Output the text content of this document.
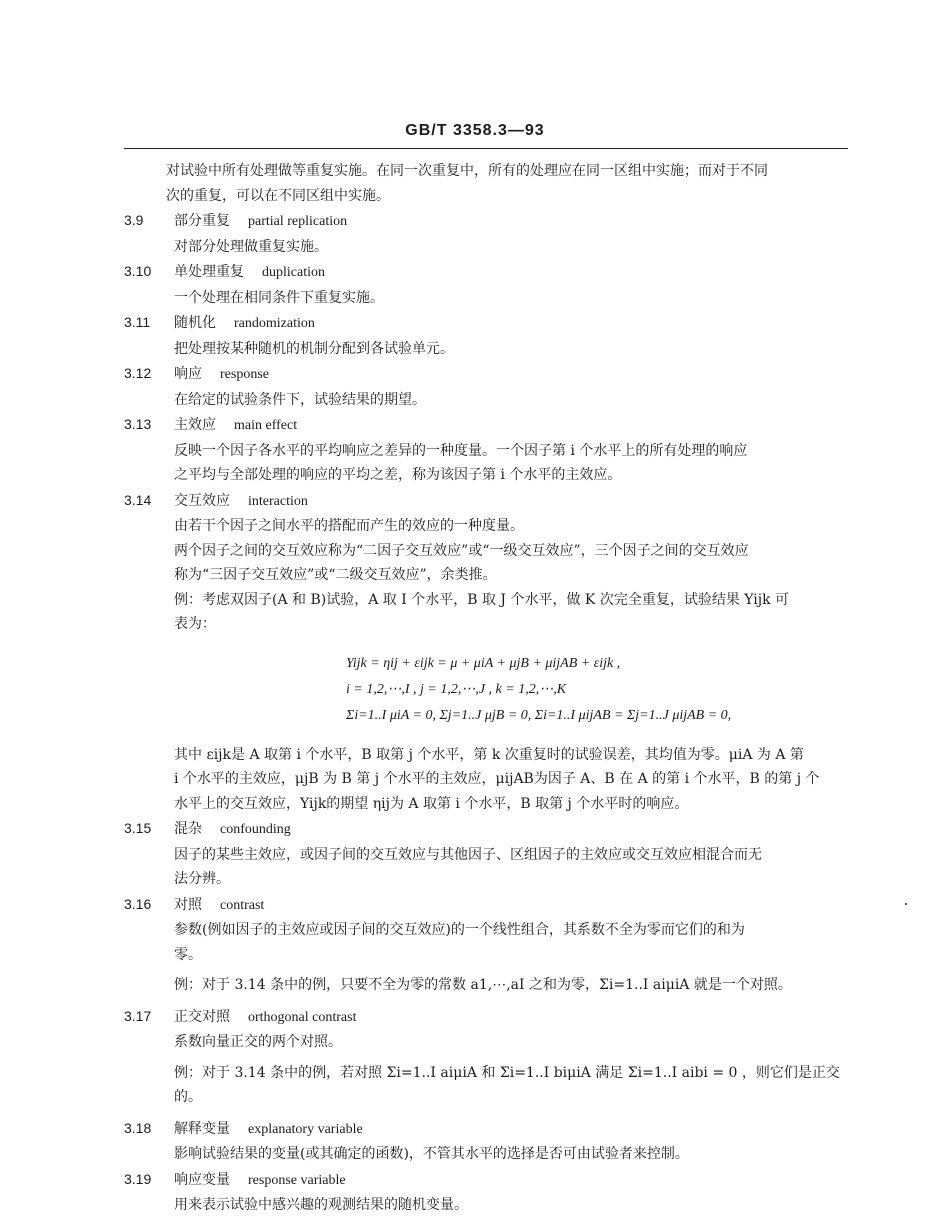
GB/T 3358.3—93
对试验中所有处理做等重复实施。在同一次重复中，所有的处理应在同一区组中实施；而对于不同
次的重复，可以在不同区组中实施。
3.9 部分重复 partial replication
对部分处理做重复实施。
3.10 单处理重复 duplication
一个处理在相同条件下重复实施。
3.11 随机化 randomization
把处理按某种随机的机制分配到各试验单元。
3.12 响应 response
在给定的试验条件下，试验结果的期望。
3.13 主效应 main effect
反映一个因子各水平的平均响应之差异的一种度量。一个因子第 i 个水平上的所有处理的响应
之平均与全部处理的响应的平均之差，称为该因子第 i 个水平的主效应。
3.14 交互效应 interaction
由若干个因子之间水平的搭配而产生的效应的一种度量。
两个因子之间的交互效应称为“二因子交互效应”或“一级交互效应”，三个因子之间的交互效应
称为“三因子交互效应”或“二级交互效应”，余类推。
例：考虑双因子(A 和 B)试验，A 取 I 个水平，B 取 J 个水平，做 K 次完全重复，试验结果 Yijk 可
表为：
Yijk = ηij + εijk = μ + μiA + μjB + μijAB + εijk ,
i = 1,2,⋯,I , j = 1,2,⋯,J , k = 1,2,⋯,K
Σi=1..I μiA = 0, Σj=1..J μjB = 0, Σi=1..I μijAB = Σj=1..J μijAB = 0,
其中 εijk是 A 取第 i 个水平，B 取第 j 个水平，第 k 次重复时的试验误差，其均值为零。μiA 为 A 第
i 个水平的主效应，μjB 为 B 第 j 个水平的主效应，μijAB为因子 A、B 在 A 的第 i 个水平，B 的第 j 个
水平上的交互效应，Yijk的期望 ηij为 A 取第 i 个水平，B 取第 j 个水平时的响应。
3.15 混杂 confounding
因子的某些主效应，或因子间的交互效应与其他因子、区组因子的主效应或交互效应相混合而无
法分辨。
3.16 对照 contrast
参数(例如因子的主效应或因子间的交互效应)的一个线性组合，其系数不全为零而它们的和为
零。
例：对于 3.14 条中的例，只要不全为零的常数 a1,⋯,aI 之和为零，Σi=1..I aiμiA 就是一个对照。
3.17 正交对照 orthogonal contrast
系数向量正交的两个对照。
例：对于 3.14 条中的例，若对照 Σi=1..I aiμiA 和 Σi=1..I biμiA 满足 Σi=1..I aibi = 0 ，则它们是正交的。
3.18 解释变量 explanatory variable
影响试验结果的变量(或其确定的函数)，不管其水平的选择是否可由试验者来控制。
3.19 响应变量 response variable
用来表示试验中感兴趣的观测结果的随机变量。
